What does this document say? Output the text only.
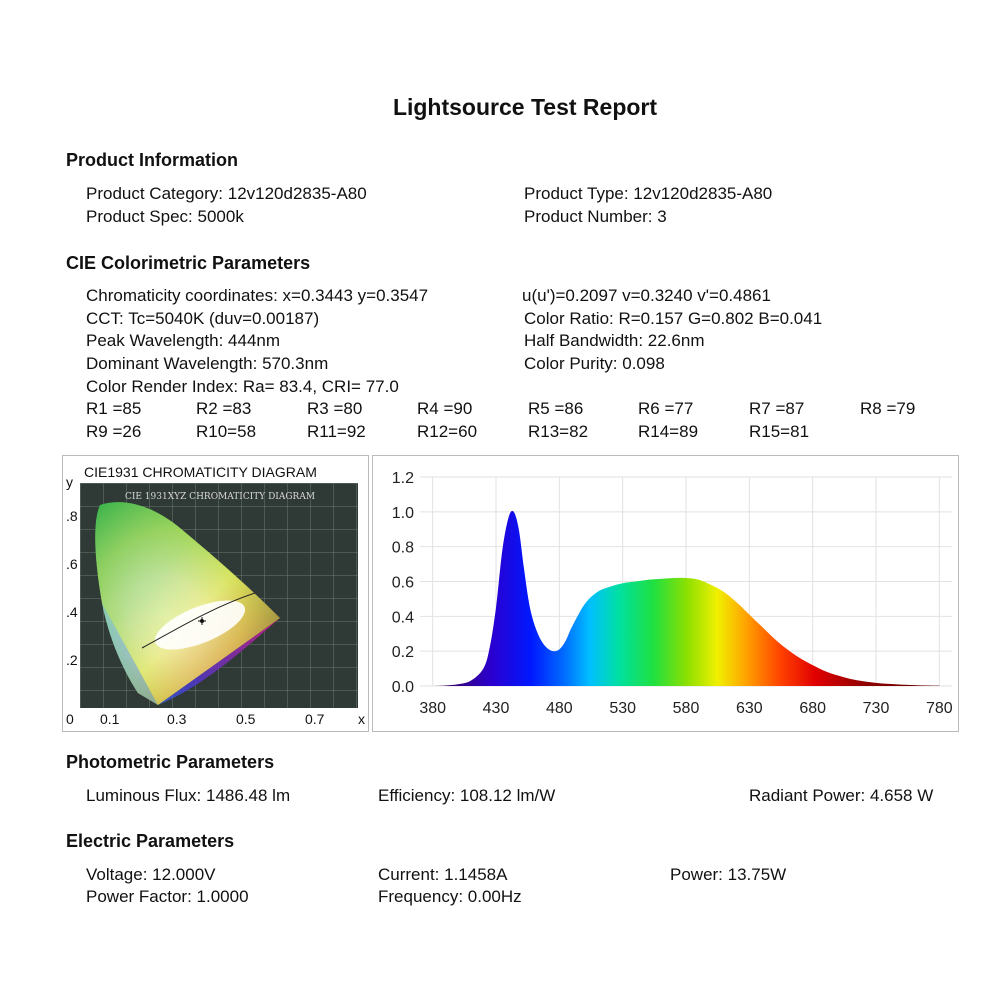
Lightsource Test Report
Product Information
Product Category: 12v120d2835-A80	Product Type: 12v120d2835-A80
Product Spec: 5000k	Product Number: 3
CIE Colorimetric Parameters
Chromaticity coordinates: x=0.3443 y=0.3547	u(u')=0.2097 v=0.3240 v'=0.4861
CCT: Tc=5040K (duv=0.00187)	Color Ratio: R=0.157 G=0.802 B=0.041
Peak Wavelength: 444nm	Half Bandwidth: 22.6nm
Dominant Wavelength: 570.3nm	Color Purity: 0.098
Color Render Index: Ra= 83.4, CRI= 77.0
R1 =85	R2 =83	R3 =80	R4 =90	R5 =86	R6 =77	R7 =87	R8 =79
R9 =26	R10=58	R11=92	R12=60	R13=82	R14=89	R15=81
CIE1931 CHROMATICITY DIAGRAM
y
.8
.6
.4
.2
0 0.1	0.3	0.5	0.7 x
CIE 1931XYZ CHROMATICITY DIAGRAM
0.0
0.2
0.4
0.6
0.8
1.0
1.2
380 430 480 530 580 630 680 730 780
Photometric Parameters
Luminous Flux: 1486.48 lm	Efficiency: 108.12 lm/W	Radiant Power: 4.658 W
Electric Parameters
Voltage: 12.000V	Current: 1.1458A	Power: 13.75W
Power Factor: 1.0000	Frequency: 0.00Hz
